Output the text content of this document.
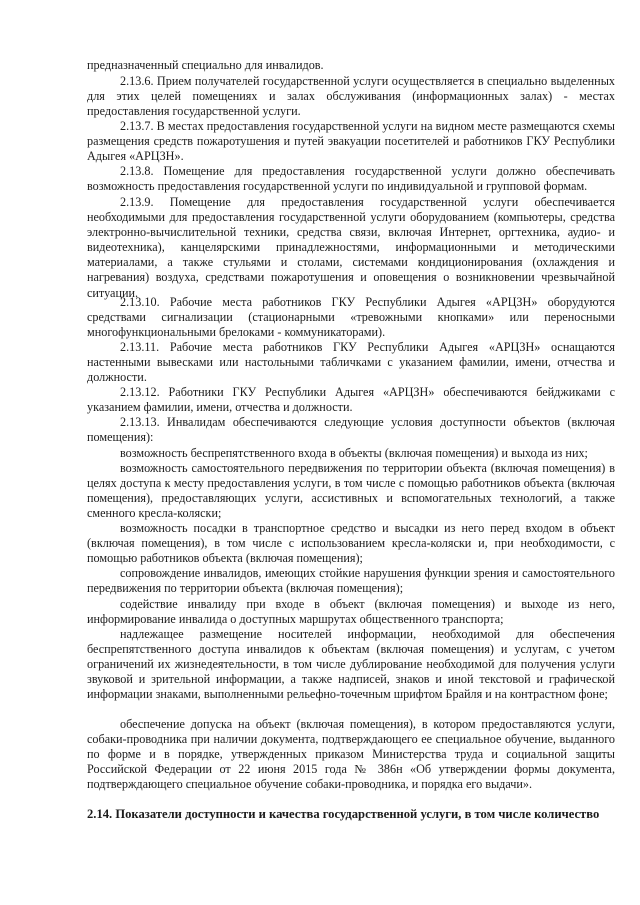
предназначенный специально для инвалидов.

2.13.6. Прием получателей государственной услуги осуществляется в специально выделенных для этих целей помещениях и залах обслуживания (информационных залах) - местах предоставления государственной услуги.

2.13.7. В местах предоставления государственной услуги на видном месте размещаются схемы размещения средств пожаротушения и путей эвакуации посетителей и работников ГКУ Республики Адыгея «АРЦЗН».

2.13.8. Помещение для предоставления государственной услуги должно обеспечивать возможность предоставления государственной услуги по индивидуальной и групповой формам.

2.13.9. Помещение для предоставления государственной услуги обеспечивается необходимыми для предоставления государственной услуги оборудованием (компьютеры, средства электронно-вычислительной техники, средства связи, включая Интернет, оргтехника, аудио- и видеотехника), канцелярскими принадлежностями, информационными и методическими материалами, а также стульями и столами, системами кондиционирования (охлаждения и нагревания) воздуха, средствами пожаротушения и оповещения о возникновении чрезвычайной ситуации.

2.13.10. Рабочие места работников ГКУ Республики Адыгея «АРЦЗН» оборудуются средствами сигнализации (стационарными «тревожными кнопками» или переносными многофункциональными брелоками - коммуникаторами).

2.13.11. Рабочие места работников ГКУ Республики Адыгея «АРЦЗН» оснащаются настенными вывесками или настольными табличками с указанием фамилии, имени, отчества и должности.

2.13.12. Работники ГКУ Республики Адыгея «АРЦЗН» обеспечиваются бейджиками с указанием фамилии, имени, отчества и должности.

2.13.13. Инвалидам обеспечиваются следующие условия доступности объектов (включая помещения):

возможность беспрепятственного входа в объекты (включая помещения) и выхода из них;

возможность самостоятельного передвижения по территории объекта (включая помещения) в целях доступа к месту предоставления услуги, в том числе с помощью работников объекта (включая помещения), предоставляющих услуги, ассистивных и вспомогательных технологий, а также сменного кресла-коляски;

возможность посадки в транспортное средство и высадки из него перед входом в объект (включая помещения), в том числе с использованием кресла-коляски и, при необходимости, с помощью работников объекта (включая помещения);

сопровождение инвалидов, имеющих стойкие нарушения функции зрения и самостоятельного передвижения по территории объекта (включая помещения);

содействие инвалиду при входе в объект (включая помещения) и выходе из него, информирование инвалида о доступных маршрутах общественного транспорта;

надлежащее размещение носителей информации, необходимой для обеспечения беспрепятственного доступа инвалидов к объектам (включая помещения) и услугам, с учетом ограничений их жизнедеятельности, в том числе дублирование необходимой для получения услуги звуковой и зрительной информации, а также надписей, знаков и иной текстовой и графической информации знаками, выполненными рельефно-точечным шрифтом Брайля и на контрастном фоне;

обеспечение допуска на объект (включая помещения), в котором предоставляются услуги, собаки-проводника при наличии документа, подтверждающего ее специальное обучение, выданного по форме и в порядке, утвержденных приказом Министерства труда и социальной защиты Российской Федерации от 22 июня 2015 года № 386н «Об утверждении формы документа, подтверждающего специальное обучение собаки-проводника, и порядка его выдачи».

2.14. Показатели доступности и качества государственной услуги, в том числе количество
